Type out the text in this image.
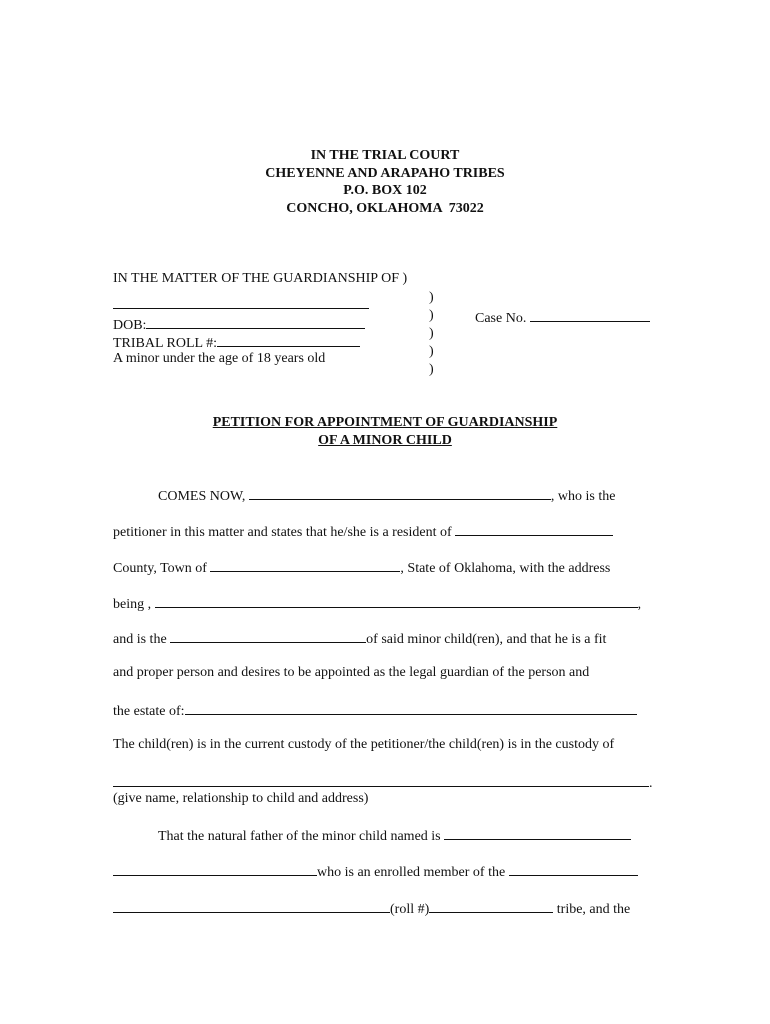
IN THE TRIAL COURT
CHEYENNE AND ARAPAHO TRIBES
P.O. BOX 102
CONCHO, OKLAHOMA  73022
IN THE MATTER OF THE GUARDIANSHIP OF )
)
)
DOB:	Case No.
)
TRIBAL ROLL #:
)
A minor under the age of 18 years old
)
PETITION FOR APPOINTMENT OF GUARDIANSHIP
OF A MINOR CHILD
COMES NOW,	, who is the
petitioner in this matter and states that he/she is a resident of
County, Town of	, State of Oklahoma, with the address
being ,	,
and is the	of said minor child(ren), and that he is a fit
and proper person and desires to be appointed as the legal guardian of the person and
the estate of:
The child(ren) is in the current custody of the petitioner/the child(ren) is in the custody of
.
(give name, relationship to child and address)
That the natural father of the minor child named is
who is an enrolled member of the
(roll #)	tribe, and the
